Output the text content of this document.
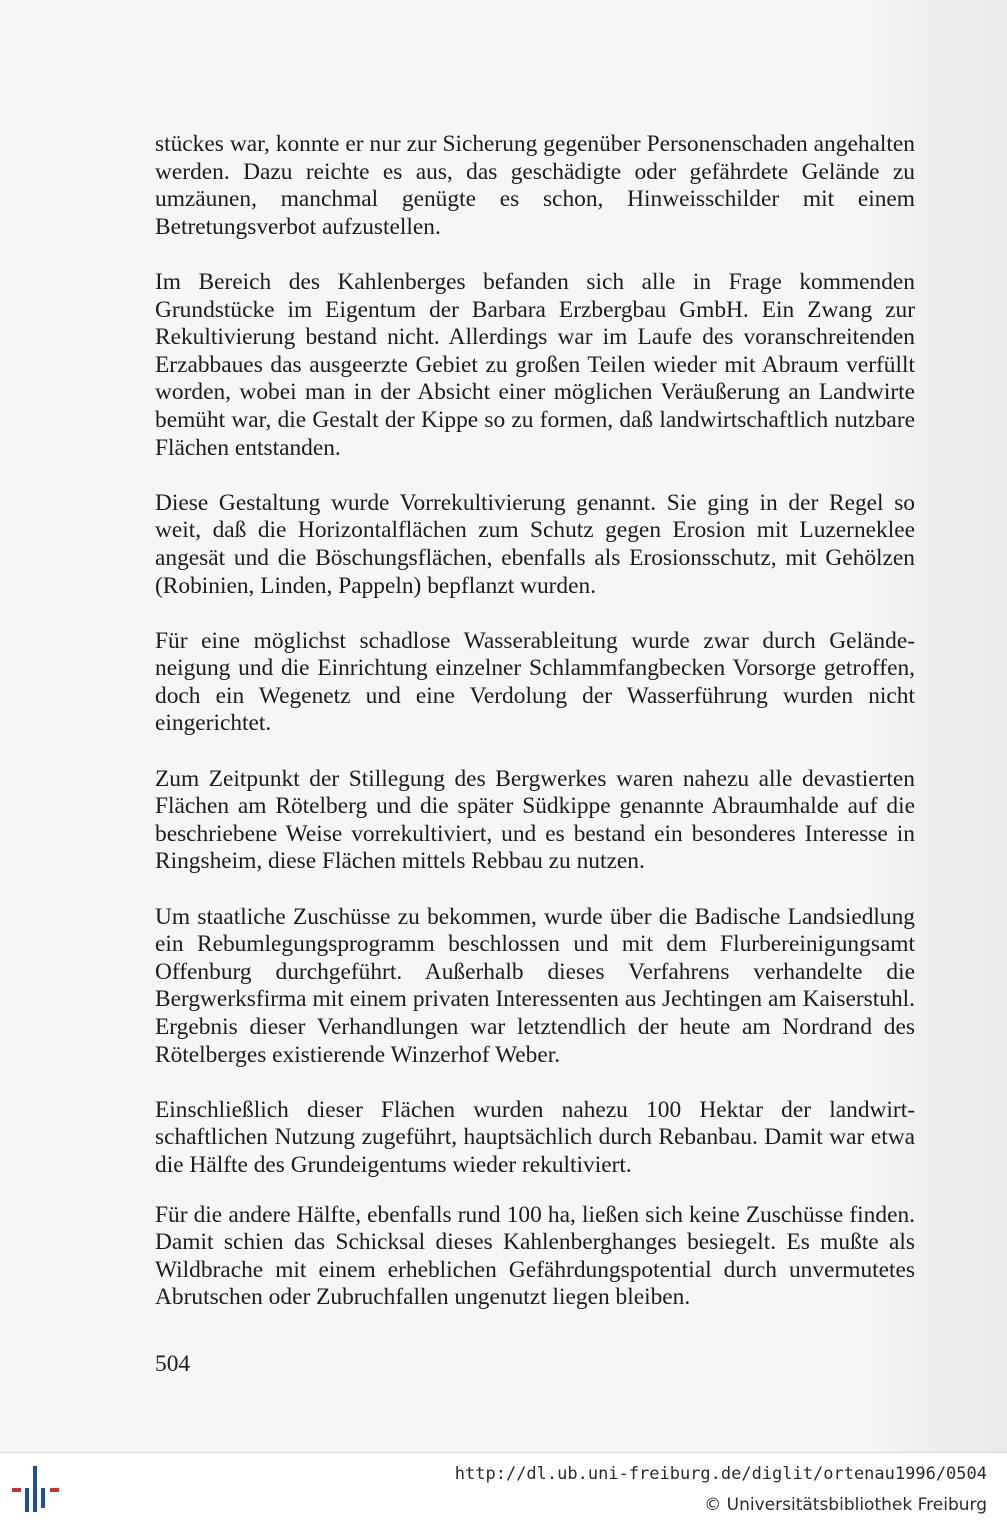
stückes war, konnte er nur zur Sicherung gegenüber Personenschaden angehalten werden. Dazu reichte es aus, das geschädigte oder gefährdete Gelände zu umzäunen, manchmal genügte es schon, Hinweisschilder mit einem Betretungsverbot aufzustellen.

Im Bereich des Kahlenberges befanden sich alle in Frage kommenden Grundstücke im Eigentum der Barbara Erzbergbau GmbH. Ein Zwang zur Rekultivierung bestand nicht. Allerdings war im Laufe des voranschreitenden Erzabbaues das ausgeerzte Gebiet zu großen Teilen wieder mit Abraum verfüllt worden, wobei man in der Absicht einer möglichen Veräußerung an Landwirte bemüht war, die Gestalt der Kippe so zu formen, daß landwirtschaftlich nutzbare Flächen entstanden.

Diese Gestaltung wurde Vorrekultivierung genannt. Sie ging in der Regel so weit, daß die Horizontalflächen zum Schutz gegen Erosion mit Luzerneklee angesät und die Böschungsflächen, ebenfalls als Erosionsschutz, mit Gehölzen (Robinien, Linden, Pappeln) bepflanzt wurden.

Für eine möglichst schadlose Wasserableitung wurde zwar durch Geländeneigung und die Einrichtung einzelner Schlammfangbecken Vorsorge getroffen, doch ein Wegenetz und eine Verdolung der Wasserführung wurden nicht eingerichtet.

Zum Zeitpunkt der Stillegung des Bergwerkes waren nahezu alle devastierten Flächen am Rötelberg und die später Südkippe genannte Abraumhalde auf die beschriebene Weise vorrekultiviert, und es bestand ein besonderes Interesse in Ringsheim, diese Flächen mittels Rebbau zu nutzen.

Um staatliche Zuschüsse zu bekommen, wurde über die Badische Landsiedlung ein Rebumlegungsprogramm beschlossen und mit dem Flurbereinigungsamt Offenburg durchgeführt. Außerhalb dieses Verfahrens verhandelte die Bergwerksfirma mit einem privaten Interessenten aus Jechtingen am Kaiserstuhl. Ergebnis dieser Verhandlungen war letztendlich der heute am Nordrand des Rötelberges existierende Winzerhof Weber.

Einschließlich dieser Flächen wurden nahezu 100 Hektar der landwirtschaftlichen Nutzung zugeführt, hauptsächlich durch Rebanbau. Damit war etwa die Hälfte des Grundeigentums wieder rekultiviert.

Für die andere Hälfte, ebenfalls rund 100 ha, ließen sich keine Zuschüsse finden. Damit schien das Schicksal dieses Kahlenberghanges besiegelt. Es mußte als Wildbrache mit einem erheblichen Gefährdungspotential durch unvermutetes Abrutschen oder Zubruchfallen ungenutzt liegen bleiben.

504
http://dl.ub.uni-freiburg.de/diglit/ortenau1996/0504
© Universitätsbibliothek Freiburg
